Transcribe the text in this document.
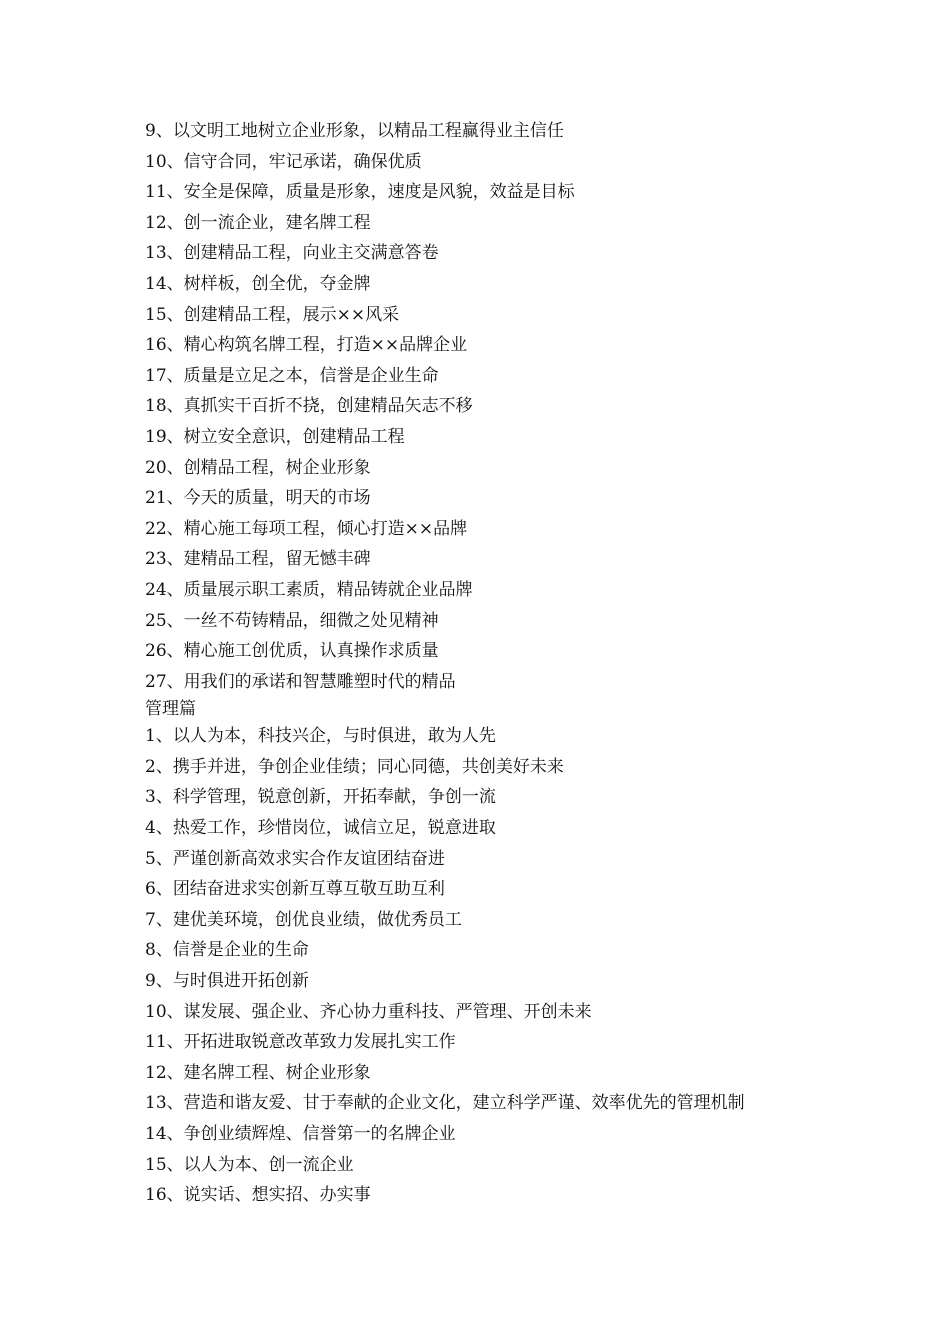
9、以文明工地树立企业形象，以精品工程赢得业主信任
10、信守合同，牢记承诺，确保优质
11、安全是保障，质量是形象，速度是风貌，效益是目标
12、创一流企业，建名牌工程
13、创建精品工程，向业主交满意答卷
14、树样板，创全优，夺金牌
15、创建精品工程，展示××风采
16、精心构筑名牌工程，打造××品牌企业
17、质量是立足之本，信誉是企业生命
18、真抓实干百折不挠，创建精品矢志不移
19、树立安全意识，创建精品工程
20、创精品工程，树企业形象
21、今天的质量，明天的市场
22、精心施工每项工程，倾心打造××品牌
23、建精品工程，留无憾丰碑
24、质量展示职工素质，精品铸就企业品牌
25、一丝不苟铸精品，细微之处见精神
26、精心施工创优质，认真操作求质量
27、用我们的承诺和智慧雕塑时代的精品
管理篇
1、以人为本，科技兴企，与时俱进，敢为人先
2、携手并进，争创企业佳绩；同心同德，共创美好未来
3、科学管理，锐意创新，开拓奉献，争创一流
4、热爱工作，珍惜岗位，诚信立足，锐意进取
5、严谨创新高效求实合作友谊团结奋进
6、团结奋进求实创新互尊互敬互助互利
7、建优美环境，创优良业绩，做优秀员工
8、信誉是企业的生命
9、与时俱进开拓创新
10、谋发展、强企业、齐心协力重科技、严管理、开创未来
11、开拓进取锐意改革致力发展扎实工作
12、建名牌工程、树企业形象
13、营造和谐友爱、甘于奉献的企业文化，建立科学严谨、效率优先的管理机制
14、争创业绩辉煌、信誉第一的名牌企业
15、以人为本、创一流企业
16、说实话、想实招、办实事
